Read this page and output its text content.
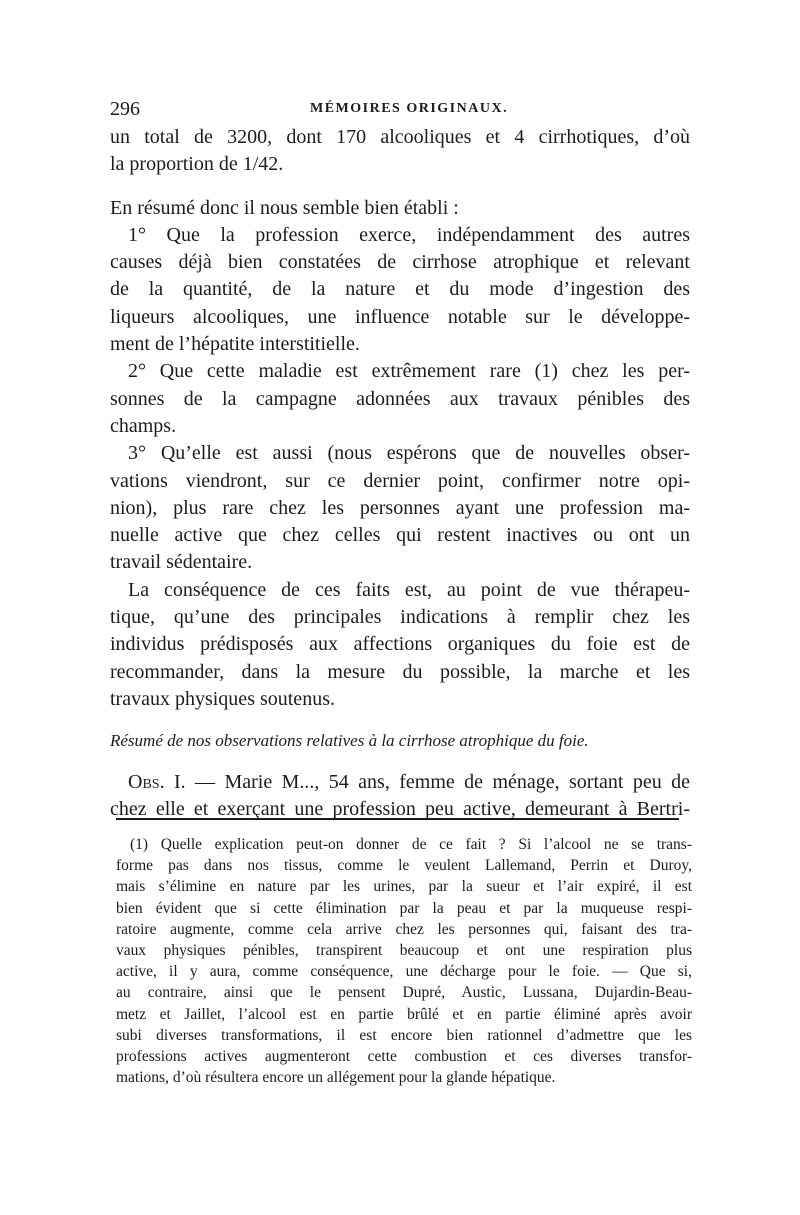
296	MÉMOIRES ORIGINAUX.
un total de 3200, dont 170 alcooliques et 4 cirrhotiques, d’où
la proportion de 1/42.
En résumé donc il nous semble bien établi :
1° Que la profession exerce, indépendamment des autres
causes déjà bien constatées de cirrhose atrophique et relevant
de la quantité, de la nature et du mode d’ingestion des
liqueurs alcooliques, une influence notable sur le développe-
ment de l’hépatite interstitielle.
2° Que cette maladie est extrêmement rare (1) chez les per-
sonnes de la campagne adonnées aux travaux pénibles des
champs.
3° Qu’elle est aussi (nous espérons que de nouvelles obser-
vations viendront, sur ce dernier point, confirmer notre opi-
nion), plus rare chez les personnes ayant une profession ma-
nuelle active que chez celles qui restent inactives ou ont un
travail sédentaire.
La conséquence de ces faits est, au point de vue thérapeu-
tique, qu’une des principales indications à remplir chez les
individus prédisposés aux affections organiques du foie est de
recommander, dans la mesure du possible, la marche et les
travaux physiques soutenus.
Résumé de nos observations relatives à la cirrhose atrophique du foie.
Obs. I. — Marie M..., 54 ans, femme de ménage, sortant peu de
chez elle et exerçant une profession peu active, demeurant à Bertri-
(1) Quelle explication peut-on donner de ce fait ? Si l’alcool ne se trans-
forme pas dans nos tissus, comme le veulent Lallemand, Perrin et Duroy,
mais s’élimine en nature par les urines, par la sueur et l’air expiré, il est
bien évident que si cette élimination par la peau et par la muqueuse respi-
ratoire augmente, comme cela arrive chez les personnes qui, faisant des tra-
vaux physiques pénibles, transpirent beaucoup et ont une respiration plus
active, il y aura, comme conséquence, une décharge pour le foie. — Que si,
au contraire, ainsi que le pensent Dupré, Austic, Lussana, Dujardin-Beau-
metz et Jaillet, l’alcool est en partie brûlé et en partie éliminé après avoir
subi diverses transformations, il est encore bien rationnel d’admettre que les
professions actives augmenteront cette combustion et ces diverses transfor-
mations, d’où résultera encore un allégement pour la glande hépatique.
